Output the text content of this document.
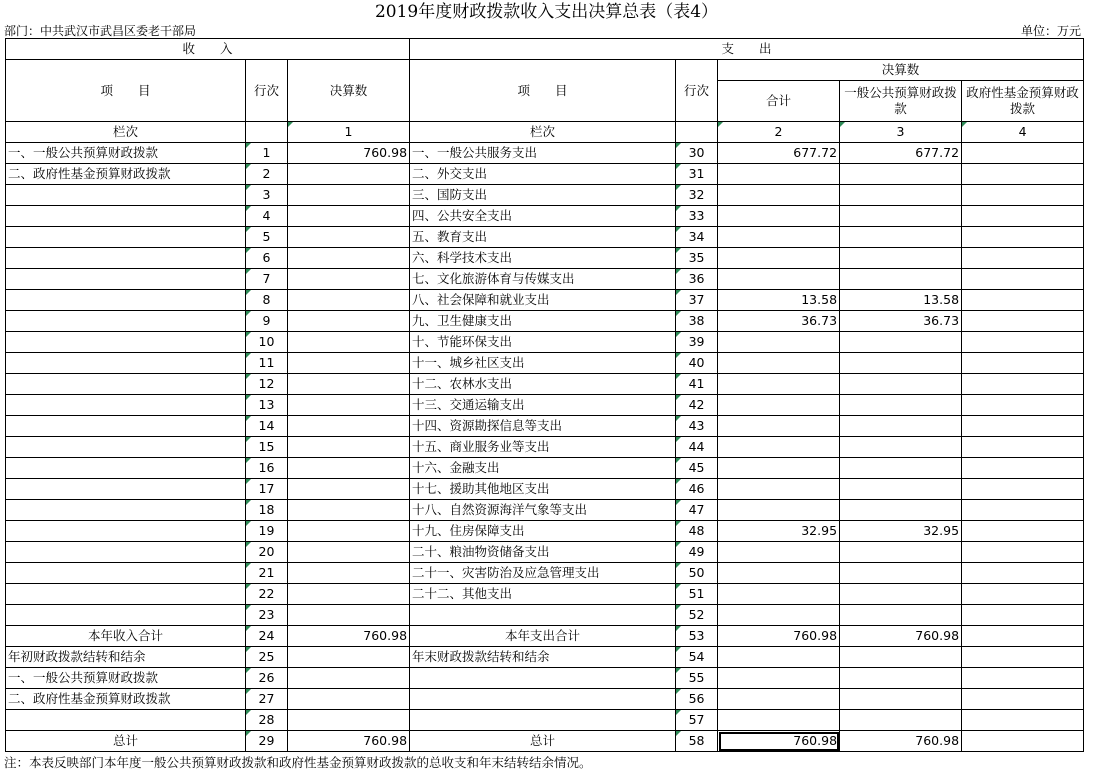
2019年度财政拨款收入支出决算总表（表4）
部门：中共武汉市武昌区委老干部局	单位：万元
收　　入			支　　出				
项　　目	行次	决算数	项　　目	行次	决算数		
					合计	一般公共预算财政拨款	政府性基金预算财政拨款
栏次		1	栏次		2	3	4
一、一般公共预算财政拨款	1	760.98	一、一般公共服务支出	30	677.72	677.72	
二、政府性基金预算财政拨款	2		二、外交支出	31			
	3		三、国防支出	32			
	4		四、公共安全支出	33			
	5		五、教育支出	34			
	6		六、科学技术支出	35			
	7		七、文化旅游体育与传媒支出	36			
	8		八、社会保障和就业支出	37	13.58	13.58	
	9		九、卫生健康支出	38	36.73	36.73	
	10		十、节能环保支出	39			
	11		十一、城乡社区支出	40			
	12		十二、农林水支出	41			
	13		十三、交通运输支出	42			
	14		十四、资源勘探信息等支出	43			
	15		十五、商业服务业等支出	44			
	16		十六、金融支出	45			
	17		十七、援助其他地区支出	46			
	18		十八、自然资源海洋气象等支出	47			
	19		十九、住房保障支出	48	32.95	32.95	
	20		二十、粮油物资储备支出	49			
	21		二十一、灾害防治及应急管理支出	50			
	22		二十二、其他支出	51			
	23			52			
本年收入合计	24	760.98	本年支出合计	53	760.98	760.98	
年初财政拨款结转和结余	25		年末财政拨款结转和结余	54			
一、一般公共预算财政拨款	26			55			
二、政府性基金预算财政拨款	27			56			
	28			57			
总计	29	760.98	总计	58	760.98	760.98	
注：本表反映部门本年度一般公共预算财政拨款和政府性基金预算财政拨款的总收支和年末结转结余情况。
